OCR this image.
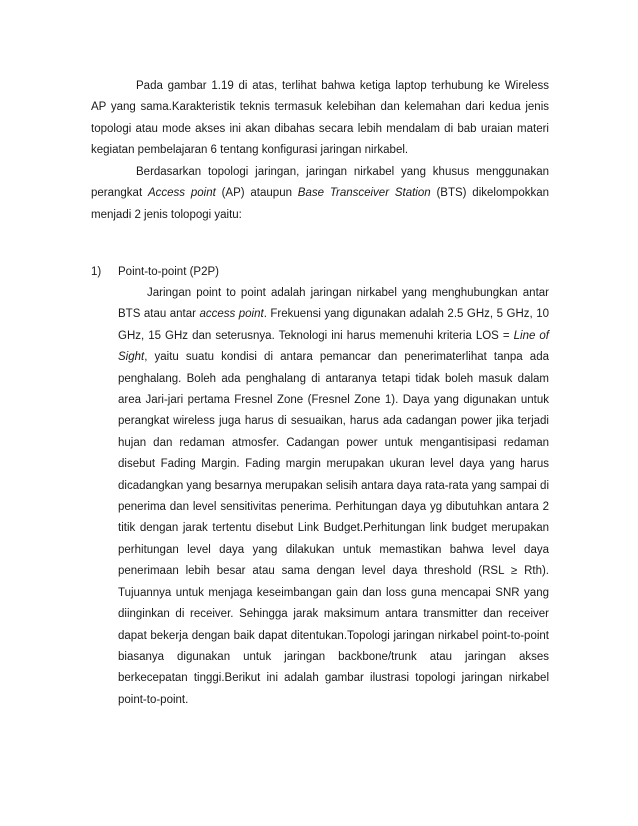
Pada gambar 1.19 di atas, terlihat bahwa ketiga laptop terhubung ke Wireless AP yang sama.Karakteristik teknis termasuk kelebihan dan kelemahan dari kedua jenis topologi atau mode akses ini akan dibahas secara lebih mendalam di bab uraian materi kegiatan pembelajaran 6 tentang konfigurasi jaringan nirkabel.

Berdasarkan topologi jaringan, jaringan nirkabel yang khusus menggunakan perangkat Access point (AP) ataupun Base Transceiver Station (BTS) dikelompokkan menjadi 2 jenis tolopogi yaitu:

1) Point-to-point (P2P)

Jaringan point to point adalah jaringan nirkabel yang menghubungkan antar BTS atau antar access point. Frekuensi yang digunakan adalah 2.5 GHz, 5 GHz, 10 GHz, 15 GHz dan seterusnya. Teknologi ini harus memenuhi kriteria LOS = Line of Sight, yaitu suatu kondisi di antara pemancar dan penerimaterlihat tanpa ada penghalang. Boleh ada penghalang di antaranya tetapi tidak boleh masuk dalam area Jari-jari pertama Fresnel Zone (Fresnel Zone 1). Daya yang digunakan untuk perangkat wireless juga harus di sesuaikan, harus ada cadangan power jika terjadi hujan dan redaman atmosfer. Cadangan power untuk mengantisipasi redaman disebut Fading Margin. Fading margin merupakan ukuran level daya yang harus dicadangkan yang besarnya merupakan selisih antara daya rata-rata yang sampai di penerima dan level sensitivitas penerima. Perhitungan daya yg dibutuhkan antara 2 titik dengan jarak tertentu disebut Link Budget.Perhitungan link budget merupakan perhitungan level daya yang dilakukan untuk memastikan bahwa level daya penerimaan lebih besar atau sama dengan level daya threshold (RSL ≥ Rth). Tujuannya untuk menjaga keseimbangan gain dan loss guna mencapai SNR yang diinginkan di receiver. Sehingga jarak maksimum antara transmitter dan receiver dapat bekerja dengan baik dapat ditentukan.Topologi jaringan nirkabel point-to-point biasanya digunakan untuk jaringan backbone/trunk atau jaringan akses berkecepatan tinggi.Berikut ini adalah gambar ilustrasi topologi jaringan nirkabel point-to-point.
